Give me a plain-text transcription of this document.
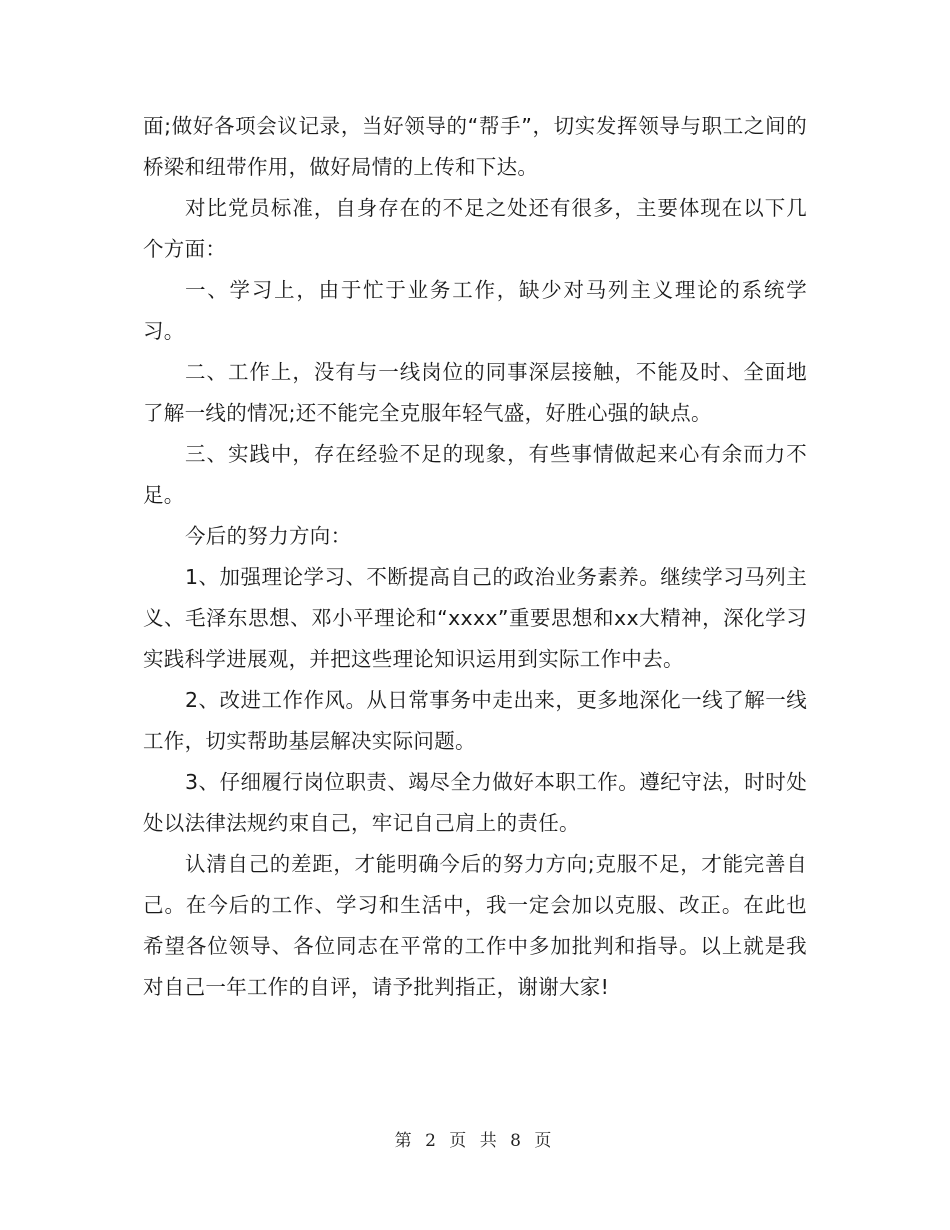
面;做好各项会议记录，当好领导的“帮手”，切实发挥领导与职工之间的桥梁和纽带作用，做好局情的上传和下达。

对比党员标准，自身存在的不足之处还有很多，主要体现在以下几个方面：

一、学习上，由于忙于业务工作，缺少对马列主义理论的系统学习。

二、工作上，没有与一线岗位的同事深层接触，不能及时、全面地了解一线的情况;还不能完全克服年轻气盛，好胜心强的缺点。

三、实践中，存在经验不足的现象，有些事情做起来心有余而力不足。

今后的努力方向：

1、加强理论学习、不断提高自己的政治业务素养。继续学习马列主义、毛泽东思想、邓小平理论和“xxxx”重要思想和xx大精神，深化学习实践科学进展观，并把这些理论知识运用到实际工作中去。

2、改进工作作风。从日常事务中走出来，更多地深化一线了解一线工作，切实帮助基层解决实际问题。

3、仔细履行岗位职责、竭尽全力做好本职工作。遵纪守法，时时处处以法律法规约束自己，牢记自己肩上的责任。

认清自己的差距，才能明确今后的努力方向;克服不足，才能完善自己。在今后的工作、学习和生活中，我一定会加以克服、改正。在此也希望各位领导、各位同志在平常的工作中多加批判和指导。以上就是我对自己一年工作的自评，请予批判指正，谢谢大家!

第 2 页 共 8 页
